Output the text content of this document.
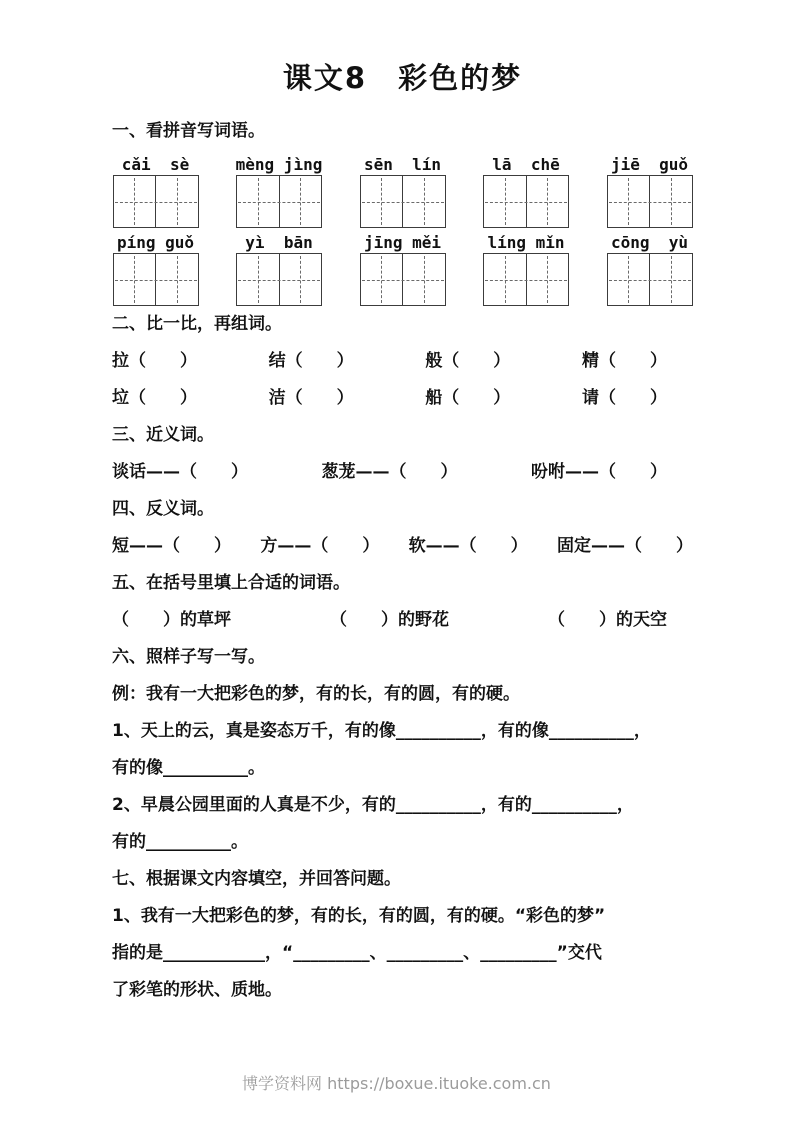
课文8　彩色的梦
一、看拼音写词语。
cǎi  sè	mèng jìng	sēn  lín	lā  chē	jiē  guǒ
píng guǒ	yì  bān	jīng měi	líng mǐn	cōng  yù
二、比一比，再组词。
拉（　　）	结（　　）	般（　　）	精（　　）
垃（　　）	洁（　　）	船（　　）	请（　　）
三、近义词。
谈话——（　　）	葱茏——（　　）	吩咐——（　　）
四、反义词。
短——（　　） 方——（　　） 软——（　　） 固定——（　　）
五、在括号里填上合适的词语。
（　　）的草坪	（　　）的野花	（　　）的天空
六、照样子写一写。
例：我有一大把彩色的梦，有的长，有的圆，有的硬。
1、天上的云，真是姿态万千，有的像__________，有的像__________，
有的像__________。
2、早晨公园里面的人真是不少，有的__________，有的__________，
有的__________。
七、根据课文内容填空，并回答问题。
1、我有一大把彩色的梦，有的长，有的圆，有的硬。“彩色的梦”
指的是____________，“_________、_________、_________”交代
了彩笔的形状、质地。
博学资料网 https://boxue.ituoke.com.cn
